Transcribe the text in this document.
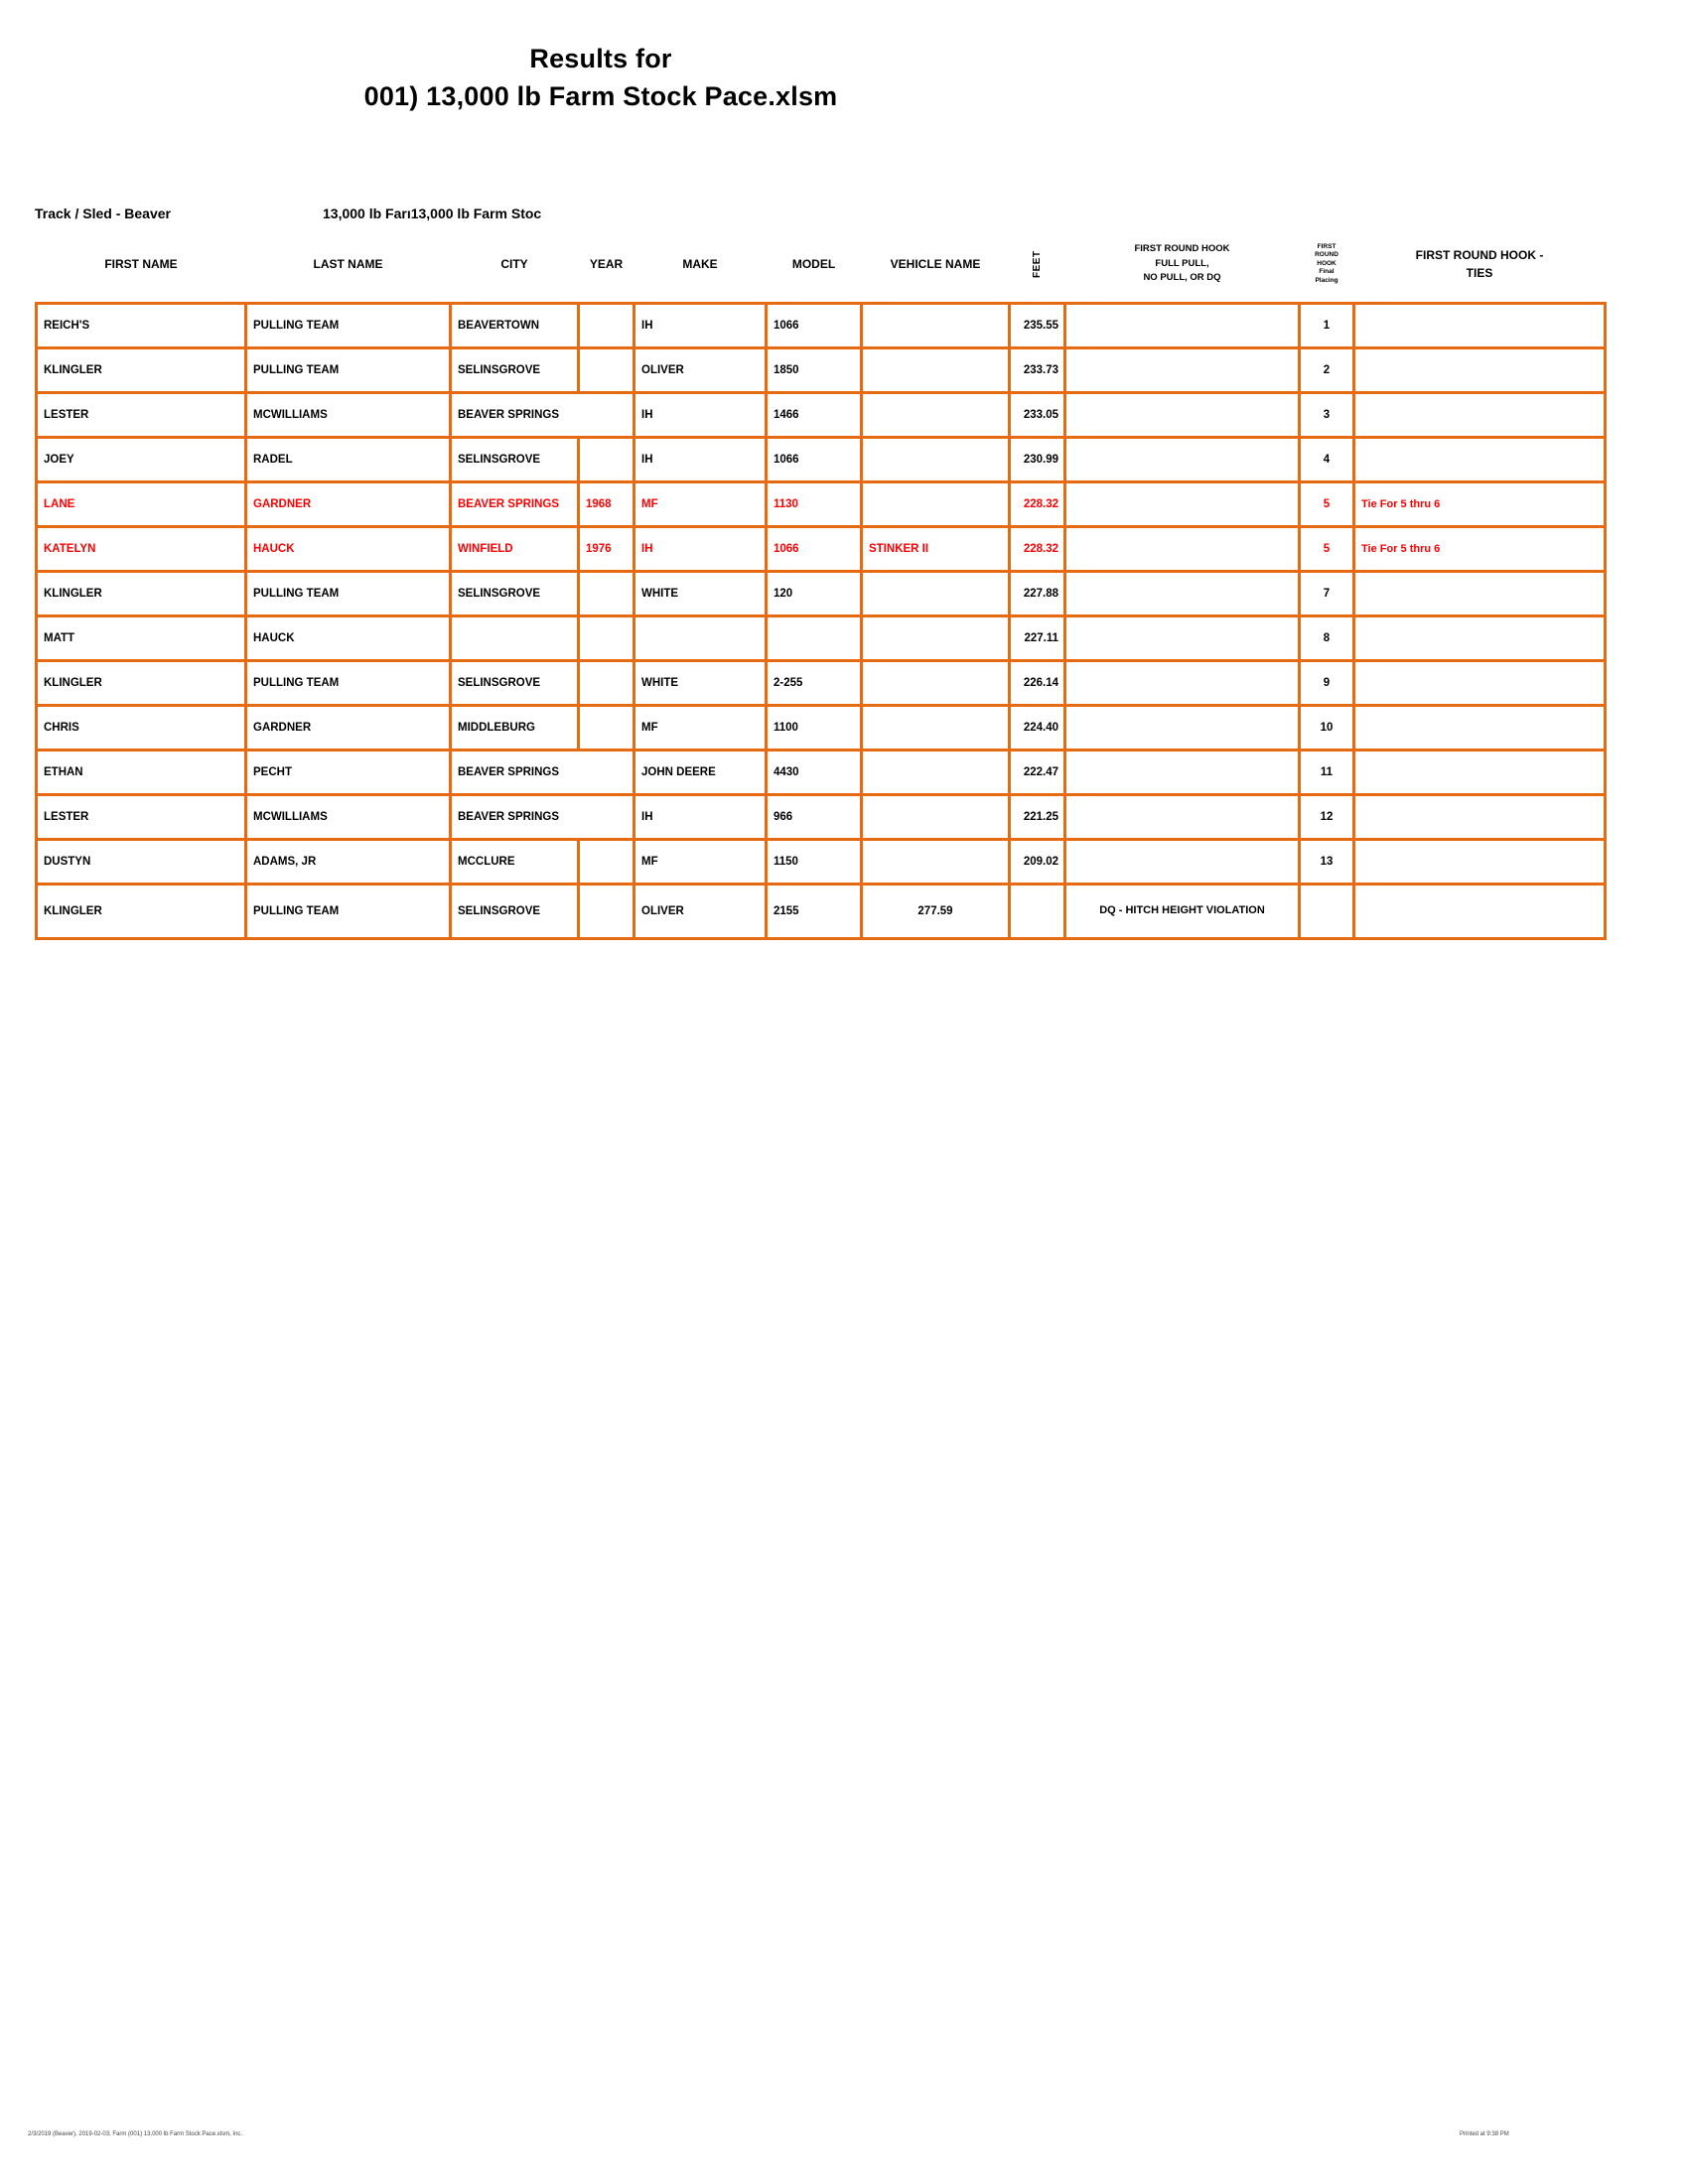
Results for
001) 13,000 lb Farm Stock Pace.xlsm
Track / Sled - Beaver	13,000 lb Farı13,000 lb Farm Stoc
FIRST NAME	LAST NAME	CITY	YEAR	MAKE	MODEL	VEHICLE NAME	FEET	FIRST ROUND HOOK
FULL PULL,
NO PULL, OR DQ	FIRST
ROUND
HOOK
Final
Placing	FIRST ROUND HOOK -
TIES

REICH'S	PULLING TEAM	BEAVERTOWN		IH	1066		235.55		1	
KLINGLER	PULLING TEAM	SELINSGROVE		OLIVER	1850		233.73		2	
LESTER	MCWILLIAMS	BEAVER SPRINGS		IH	1466		233.05		3	
JOEY	RADEL	SELINSGROVE		IH	1066		230.99		4	
LANE	GARDNER	BEAVER SPRINGS	1968	MF	1130		228.32		5	Tie For 5 thru 6
KATELYN	HAUCK	WINFIELD	1976	IH	1066	STINKER II	228.32		5	Tie For 5 thru 6
KLINGLER	PULLING TEAM	SELINSGROVE		WHITE	120		227.88		7	
MATT	HAUCK						227.11		8	
KLINGLER	PULLING TEAM	SELINSGROVE		WHITE	2-255		226.14		9	
CHRIS	GARDNER	MIDDLEBURG		MF	1100		224.40		10	
ETHAN	PECHT	BEAVER SPRINGS		JOHN DEERE	4430		222.47		11	
LESTER	MCWILLIAMS	BEAVER SPRINGS		IH	966		221.25		12	
DUSTYN	ADAMS, JR	MCCLURE		MF	1150		209.02		13	
KLINGLER	PULLING TEAM	SELINSGROVE		OLIVER	2155	277.59		DQ - HITCH HEIGHT VIOLATION		
2/3/2019 (Beaver), 2019-02-03; Farm (001) 13,000 lb Farm Stock Pace.xlsm, Inc.	Printed at 9:38 PM
